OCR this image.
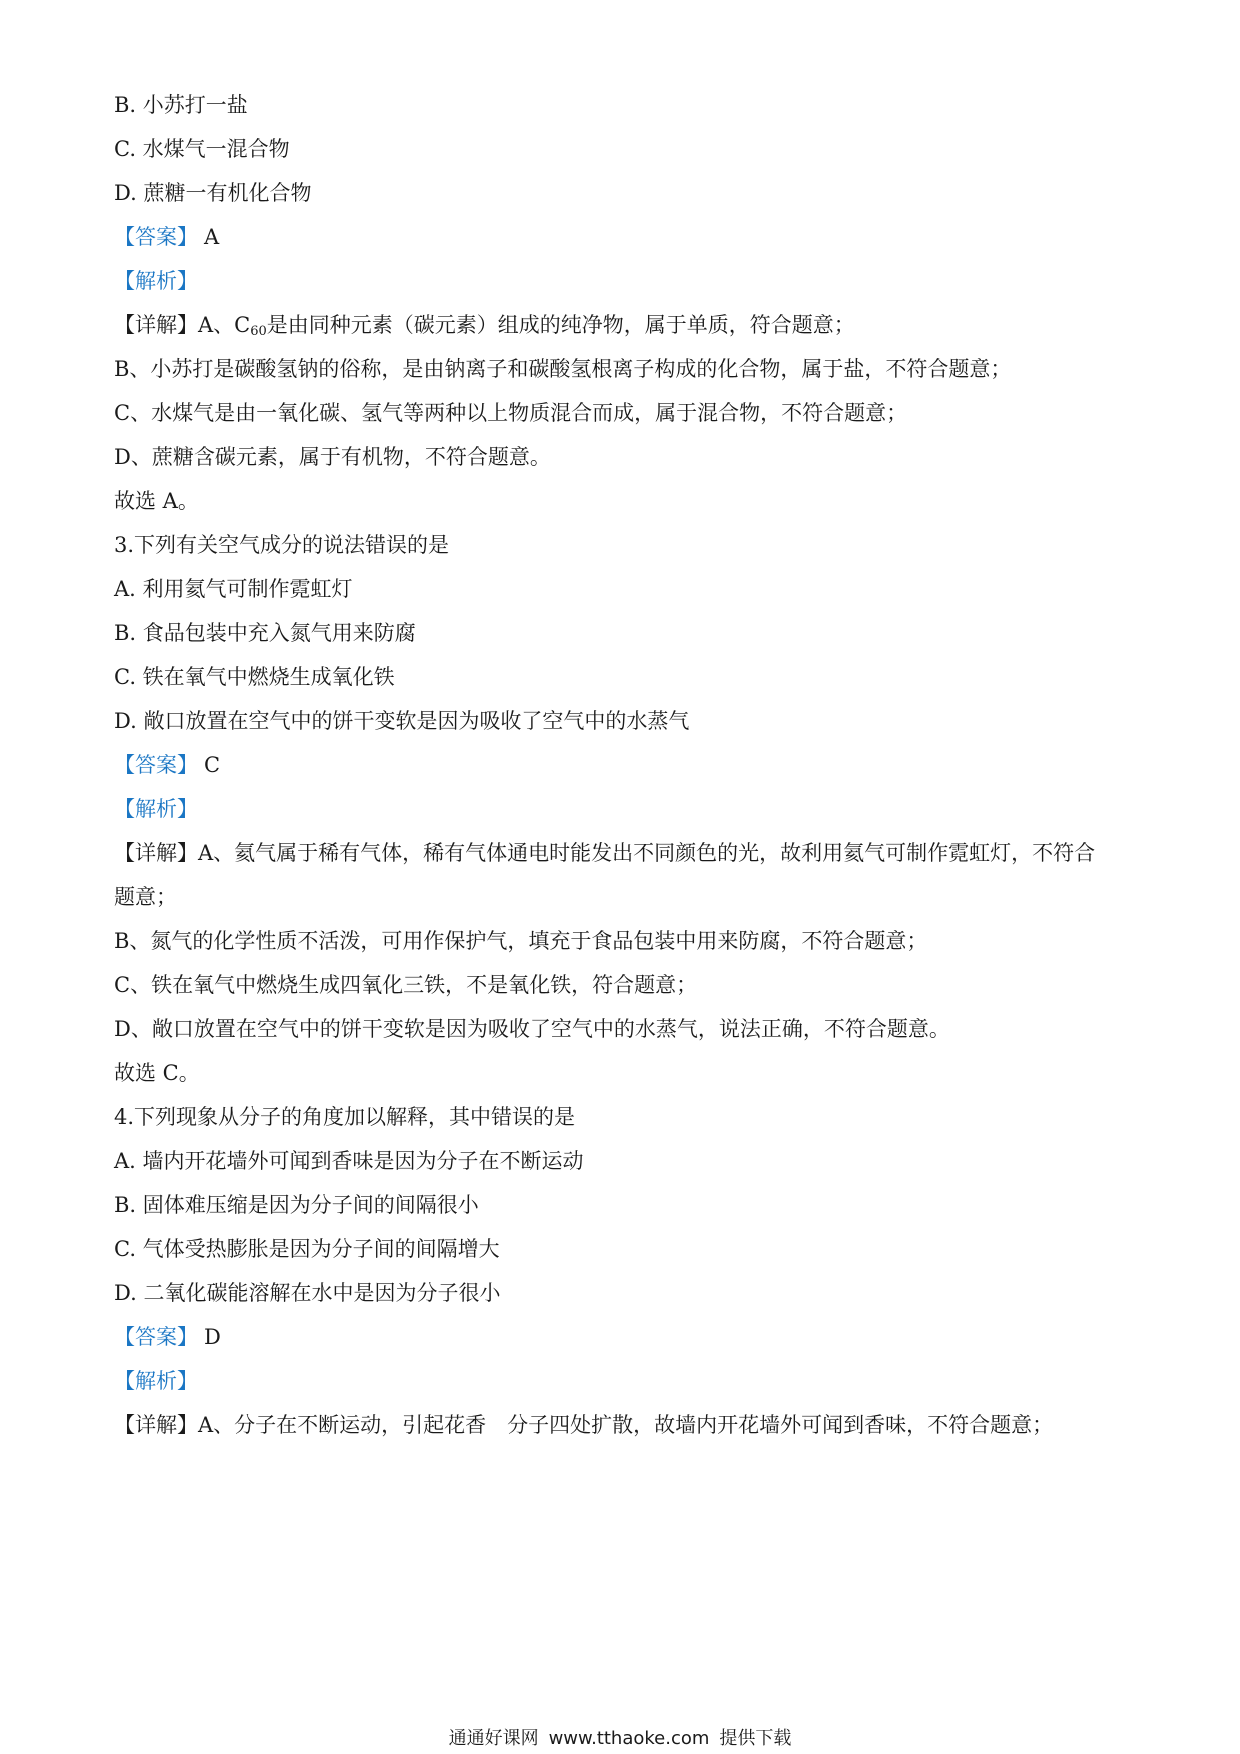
B. 小苏打一盐
C. 水煤气一混合物
D. 蔗糖一有机化合物
【答案】 A
【解析】
【详解】A、$C_{60}$是由同种元素（碳元素）组成的纯净物，属于单质，符合题意；
B、小苏打是碳酸氢钠的俗称，是由钠离子和碳酸氢根离子构成的化合物，属于盐，不符合题意；
C、水煤气是由一氧化碳、氢气等两种以上物质混合而成，属于混合物，不符合题意；
D、蔗糖含碳元素，属于有机物，不符合题意。
故选 A。
3.下列有关空气成分的说法错误的是
A. 利用氦气可制作霓虹灯
B. 食品包装中充入氮气用来防腐
C. 铁在氧气中燃烧生成氧化铁
D. 敞口放置在空气中的饼干变软是因为吸收了空气中的水蒸气
【答案】 C
【解析】
【详解】A、氦气属于稀有气体，稀有气体通电时能发出不同颜色的光，故利用氦气可制作霓虹灯，不符合
题意；
B、氮气的化学性质不活泼，可用作保护气，填充于食品包装中用来防腐，不符合题意；
C、铁在氧气中燃烧生成四氧化三铁，不是氧化铁，符合题意；
D、敞口放置在空气中的饼干变软是因为吸收了空气中的水蒸气，说法正确，不符合题意。
故选 C。
4.下列现象从分子的角度加以解释，其中错误的是
A. 墙内开花墙外可闻到香味是因为分子在不断运动
B. 固体难压缩是因为分子间的间隔很小
C. 气体受热膨胀是因为分子间的间隔增大
D. 二氧化碳能溶解在水中是因为分子很小
【答案】 D
【解析】
【详解】A、分子在不断运动，引起花香　分子四处扩散，故墙内开花墙外可闻到香味，不符合题意；
通通好课网 www.tthaoke.com 提供下载
